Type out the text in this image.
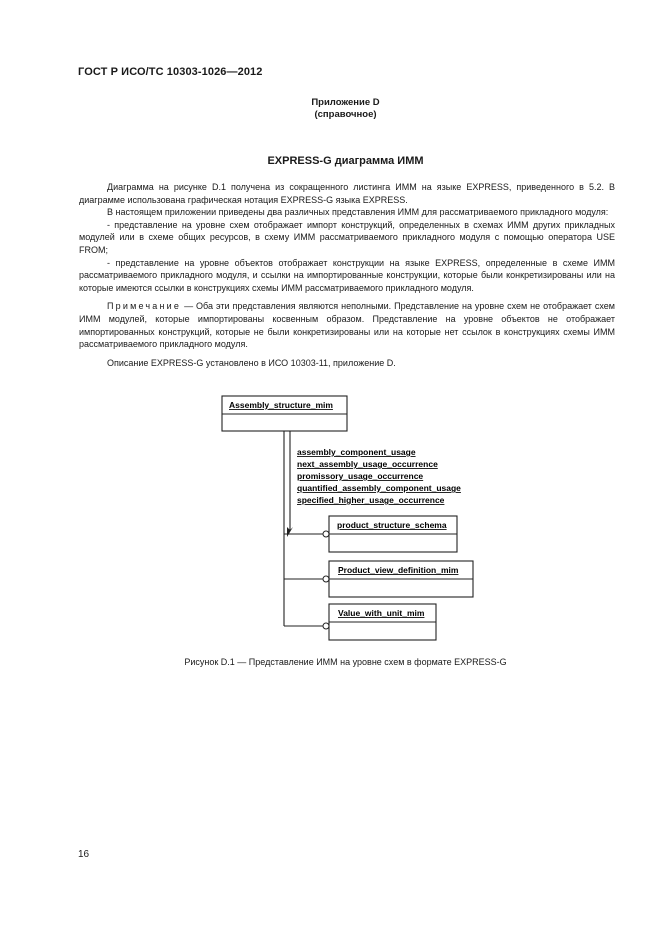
ГОСТ Р ИСО/ТС 10303-1026—2012
Приложение D
(справочное)
EXPRESS-G диаграмма ИММ

Диаграмма на рисунке D.1 получена из сокращенного листинга ИММ на языке EXPRESS, приведенного в 5.2. В диаграмме использована графическая нотация EXPRESS-G языка EXPRESS.

В настоящем приложении приведены два различных представления ИММ для рассматриваемого прикладного модуля:

- представление на уровне схем отображает импорт конструкций, определенных в схемах ИММ других прикладных модулей или в схеме общих ресурсов, в схему ИММ рассматриваемого прикладного модуля с помощью оператора USE FROM;

- представление на уровне объектов отображает конструкции на языке EXPRESS, определенные в схеме ИММ рассматриваемого прикладного модуля, и ссылки на импортированные конструкции, которые были конкретизированы или на которые имеются ссылки в конструкциях схемы ИММ рассматриваемого прикладного модуля.

Примечание — Оба эти представления являются неполными. Представление на уровне схем не отображает схем ИММ модулей, которые импортированы косвенным образом. Представление на уровне объектов не отображает импортированных конструкций, которые не были конкретизированы или на которые нет ссылок в конструкциях схемы ИММ рассматриваемого прикладного модуля.

Описание EXPRESS-G установлено в ИСО 10303-11, приложение D.

Assembly_structure_mim
assembly_component_usage
next_assembly_usage_occurrence
promissory_usage_occurrence
quantified_assembly_component_usage
specified_higher_usage_occurrence
product_structure_schema
Product_view_definition_mim
Value_with_unit_mim
Рисунок D.1 — Представление ИММ на уровне схем в формате EXPRESS-G
16
